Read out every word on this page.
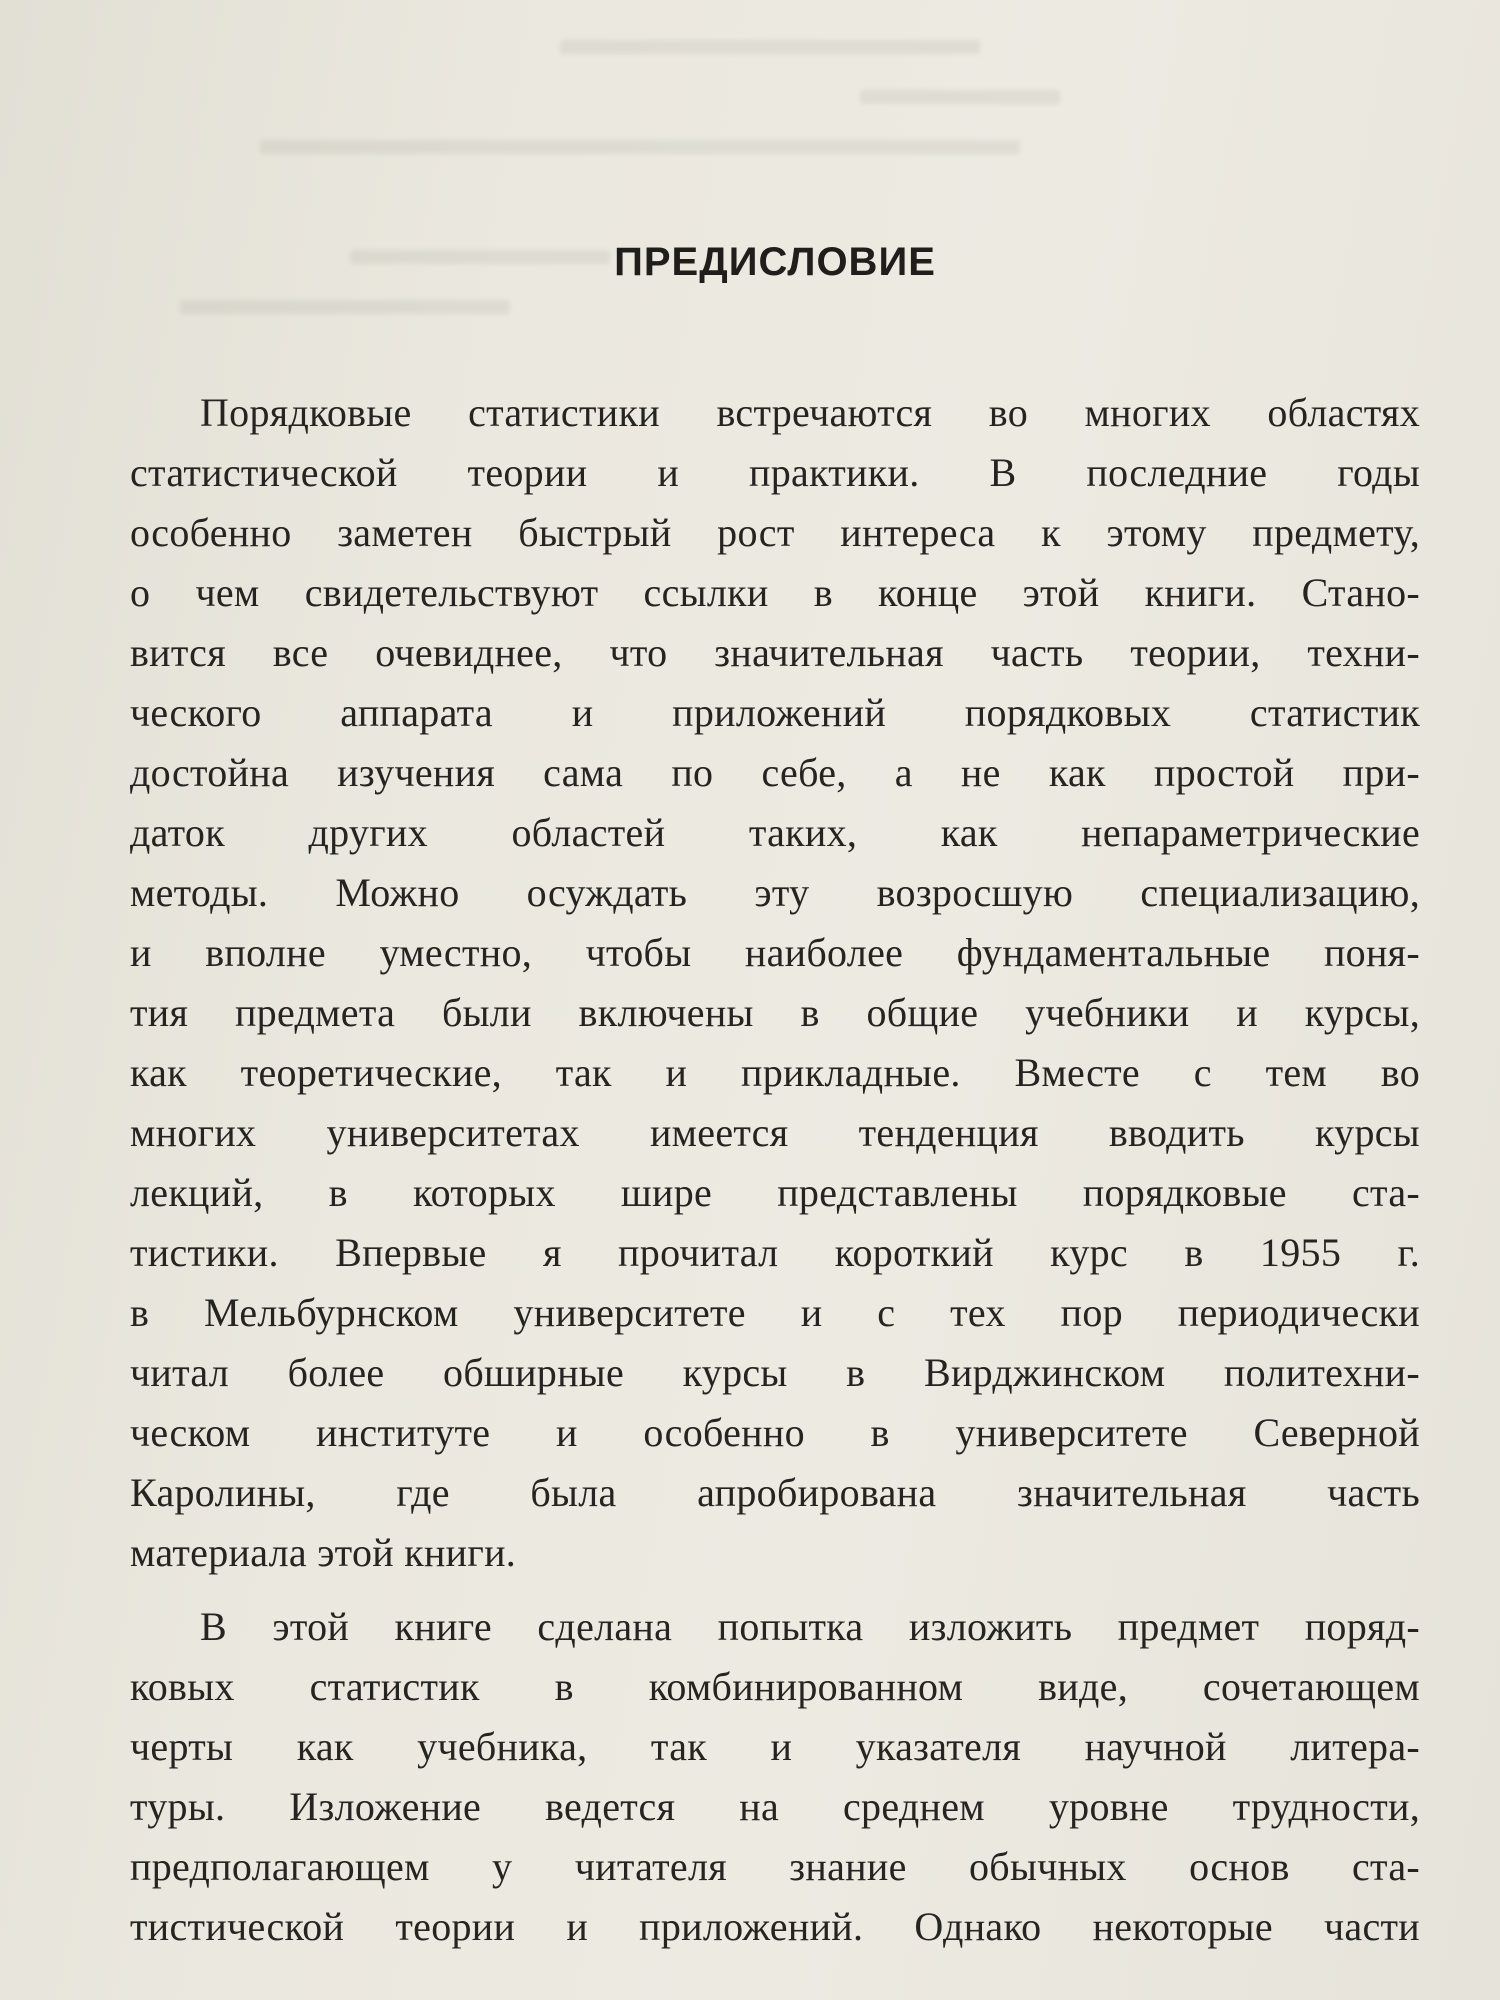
ПРЕДИСЛОВИЕ
Порядковые статистики встречаются во многих областях
статистической теории и практики. В последние годы
особенно заметен быстрый рост интереса к этому предмету,
о чем свидетельствуют ссылки в конце этой книги. Стано-
вится все очевиднее, что значительная часть теории, техни-
ческого аппарата и приложений порядковых статистик
достойна изучения сама по себе, а не как простой при-
даток других областей таких, как непараметрические
методы. Можно осуждать эту возросшую специализацию,
и вполне уместно, чтобы наиболее фундаментальные поня-
тия предмета были включены в общие учебники и курсы,
как теоретические, так и прикладные. Вместе с тем во
многих университетах имеется тенденция вводить курсы
лекций, в которых шире представлены порядковые ста-
тистики. Впервые я прочитал короткий курс в 1955 г.
в Мельбурнском университете и с тех пор периодически
читал более обширные курсы в Вирджинском политехни-
ческом институте и особенно в университете Северной
Каролины, где была апробирована значительная часть
материала этой книги.
В этой книге сделана попытка изложить предмет поряд-
ковых статистик в комбинированном виде, сочетающем
черты как учебника, так и указателя научной литера-
туры. Изложение ведется на среднем уровне трудности,
предполагающем у читателя знание обычных основ ста-
тистической теории и приложений. Однако некоторые части
